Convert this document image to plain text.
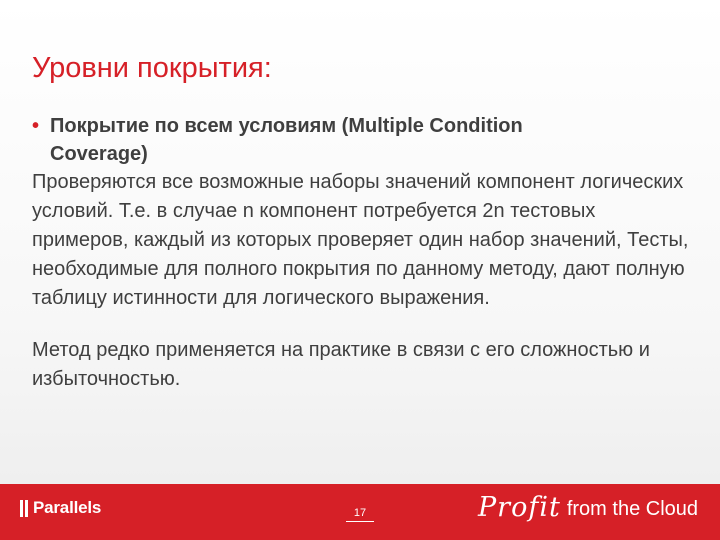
Уровни покрытия:

• Покрытие по всем условиям (Multiple Condition
Coverage)

Проверяются все возможные наборы значений компонент логических условий. Т.е. в случае n компонент потребуется 2n тестовых примеров, каждый из которых проверяет один набор значений, Тесты, необходимые для полного покрытия по данному методу, дают полную таблицу истинности для логического выражения.

Метод редко применяется на практике в связи с его сложностью и избыточностью.

Parallels	17	Profit from the Cloud
